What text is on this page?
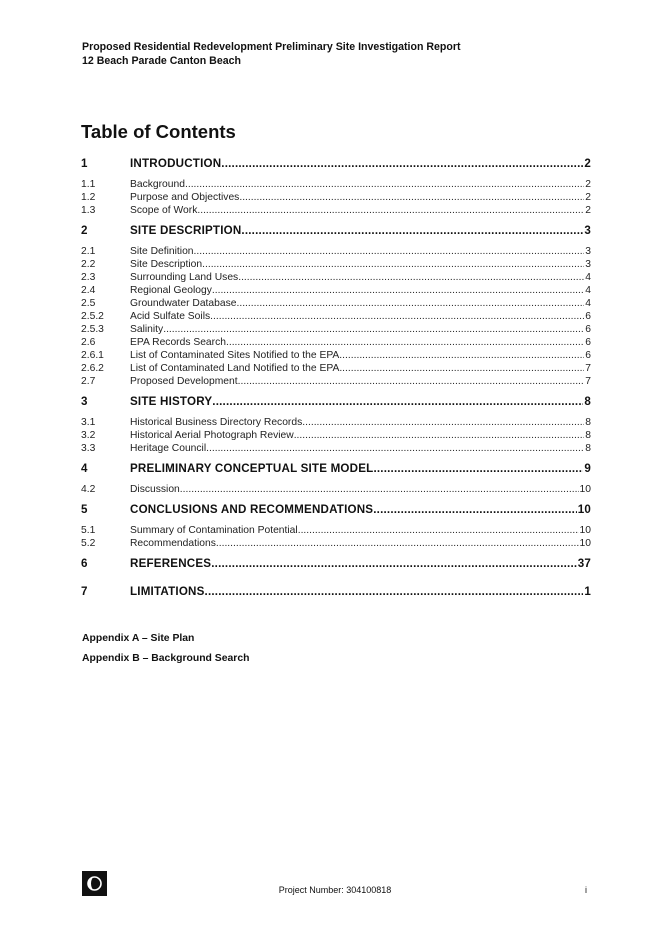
Proposed Residential Redevelopment Preliminary Site Investigation Report
12 Beach Parade Canton Beach
Table of Contents
1	INTRODUCTION .....	2
1.1	Background .....	2
1.2	Purpose and Objectives .....	2
1.3	Scope of Work .....	2
2	SITE DESCRIPTION .....	3
2.1	Site Definition .....	3
2.2	Site Description .....	3
2.3	Surrounding Land Uses .....	4
2.4	Regional Geology .....	4
2.5	Groundwater Database .....	4
2.5.2	Acid Sulfate Soils .....	6
2.5.3	Salinity .....	6
2.6	EPA Records Search .....	6
2.6.1	List of Contaminated Sites Notified to the EPA .....	6
2.6.2	List of Contaminated Land Notified to the EPA .....	7
2.7	Proposed Development .....	7
3	SITE HISTORY .....	8
3.1	Historical Business Directory Records .....	8
3.2	Historical Aerial Photograph Review .....	8
3.3	Heritage Council .....	8
4	PRELIMINARY CONCEPTUAL SITE MODEL .....	9
4.2	Discussion .....	10
5	CONCLUSIONS AND RECOMMENDATIONS .....	10
5.1	Summary of Contamination Potential .....	10
5.2	Recommendations .....	10
6	REFERENCES .....	37
7	LIMITATIONS .....	1
Appendix A – Site Plan
Appendix B – Background Search
Project Number: 304100818	i
